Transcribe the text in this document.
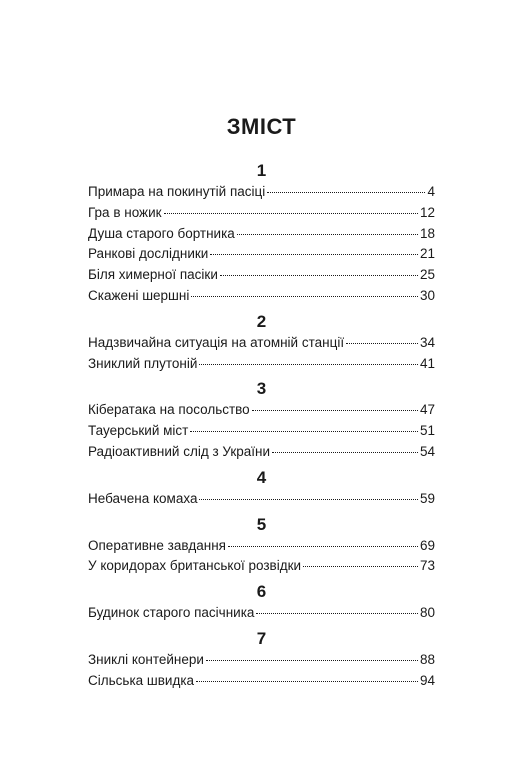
ЗМІСТ
1
Примара на покинутій пасіці	4
Гра в ножик	12
Душа старого бортника	18
Ранкові дослідники	21
Біля химерної пасіки	25
Скажені шершні	30
2
Надзвичайна ситуація на атомній станції	34
Зниклий плутоній	41
3
Кібератака на посольство	47
Тауерський міст	51
Радіоактивний слід з України	54
4
Небачена комаха	59
5
Оперативне завдання	69
У коридорах британської розвідки	73
6
Будинок старого пасічника	80
7
Зниклі контейнери	88
Сільська швидка	94
